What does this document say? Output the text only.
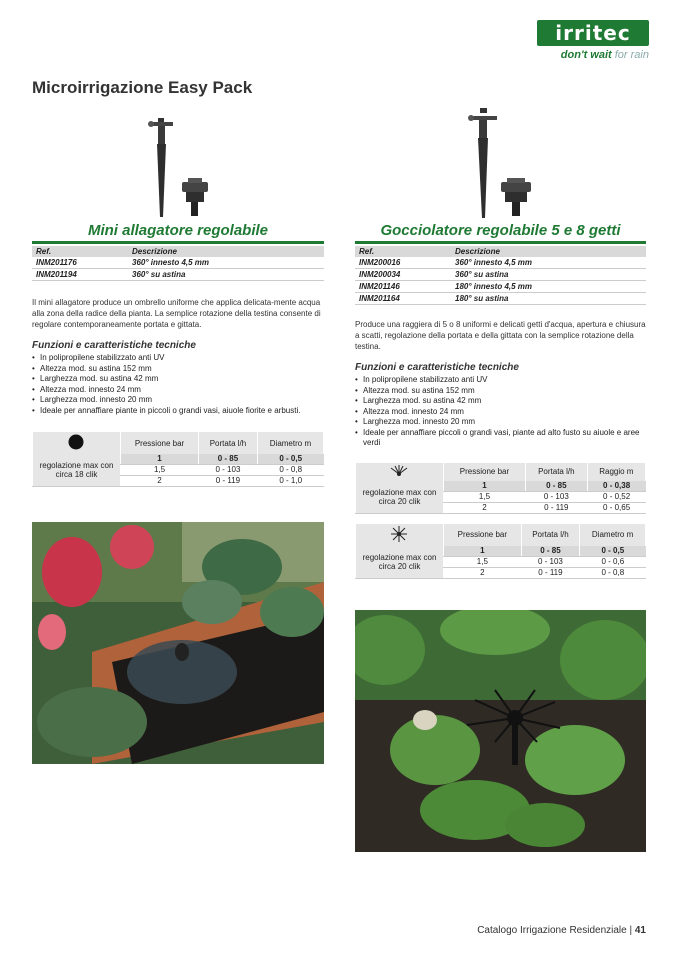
irritec
don't wait for rain
Microirrigazione Easy Pack
Mini allagatore regolabile
Ref.	Descrizione
INM201176	360° innesto 4,5 mm
INM201194	360° su astina

Il mini allagatore produce un ombrello uniforme che applica delicata-mente acqua alla zona della radice della pianta. La semplice rotazione della testina consente di regolare contemporaneamente portata e gittata.

Funzioni e caratteristiche tecniche
• In polipropilene stabilizzato anti UV
• Altezza mod. su astina 152 mm
• Larghezza mod. su astina 42 mm
• Altezza mod. innesto 24 mm
• Larghezza mod. innesto 20 mm
• Ideale per annaffiare piante in piccoli o grandi vasi, aiuole fiorite e arbusti.
	Pressione bar	Portata l/h	Diametro m
regolazione max con circa 18 clik	1	0 - 85	0 - 0,5
	1,5	0 - 103	0 - 0,8
	2	0 - 119	0 - 1,0
Gocciolatore regolabile 5 e 8 getti
Ref.	Descrizione
INM200016	360° innesto 4,5 mm
INM200034	360° su astina
INM201146	180° innesto 4,5 mm
INM201164	180° su astina

Produce una raggiera di 5 o 8 uniformi e delicati getti d'acqua, apertura e chiusura a scatti, regolazione della portata e della gittata con la semplice rotazione della testina.

Funzioni e caratteristiche tecniche
• In polipropilene stabilizzato anti UV
• Altezza mod. su astina 152 mm
• Larghezza mod. su astina 42 mm
• Altezza mod. innesto 24 mm
• Larghezza mod. innesto 20 mm
• Ideale per annaffiare piccoli o grandi vasi, piante ad alto fusto su aiuole e aree verdi
	Pressione bar	Portata l/h	Raggio m
regolazione max con circa 20 clik	1	0 - 85	0 - 0,38
	1,5	0 - 103	0 - 0,52
	2	0 - 119	0 - 0,65
	Pressione bar	Portata l/h	Diametro m
regolazione max con circa 20 clik	1	0 - 85	0 - 0,5
	1,5	0 - 103	0 - 0,6
	2	0 - 119	0 - 0,8
Catalogo Irrigazione Residenziale | 41
